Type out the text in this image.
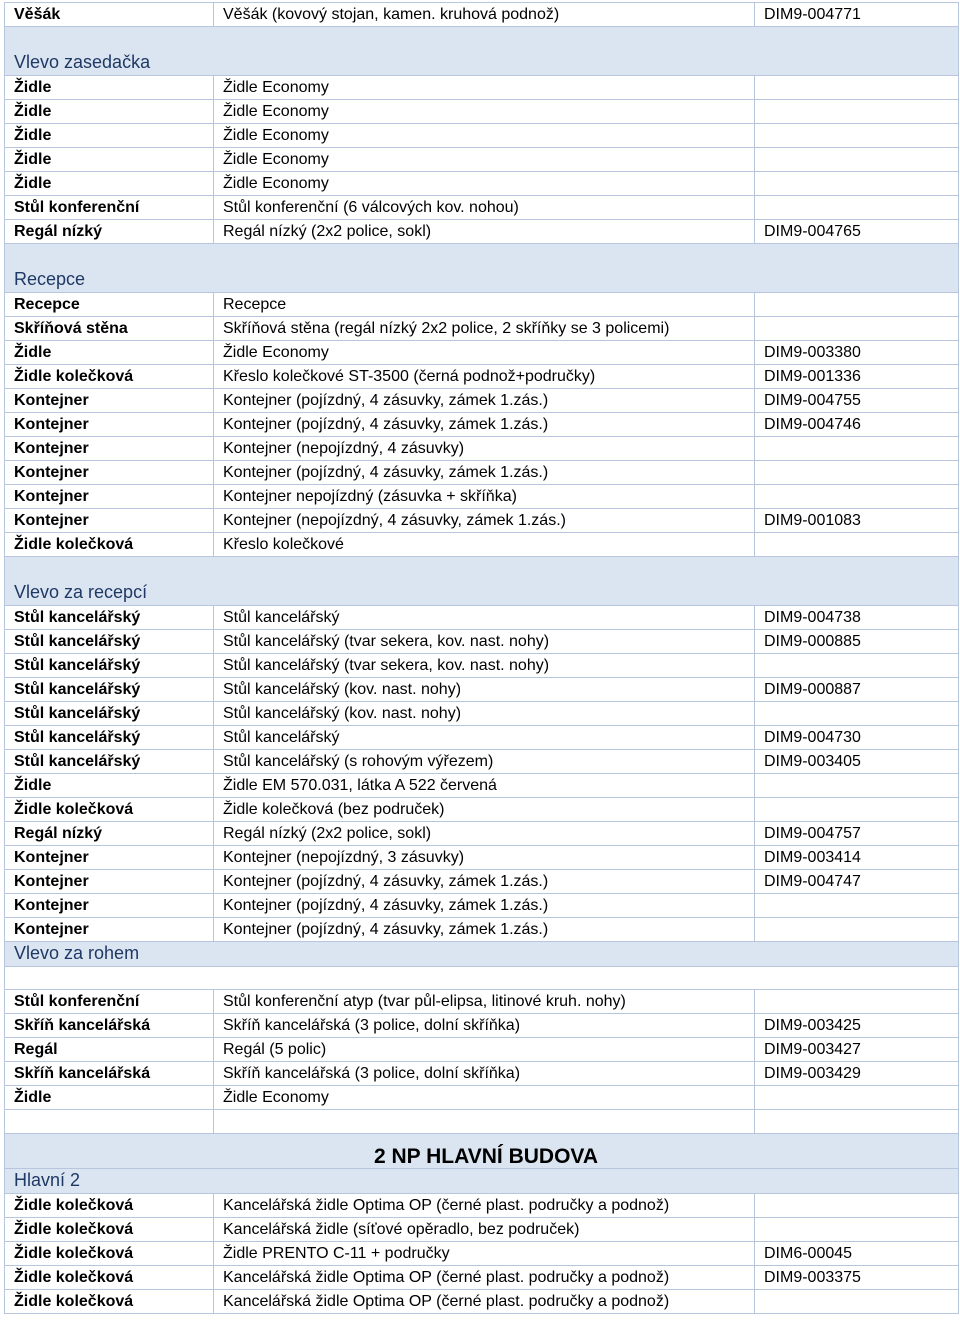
Věšák	Věšák (kovový stojan, kamen. kruhová podnož)	DIM9-004771
Vlevo zasedačka		
Židle	Židle Economy	
Židle	Židle Economy	
Židle	Židle Economy	
Židle	Židle Economy	
Židle	Židle Economy	
Stůl konferenční	Stůl konferenční (6 válcových kov. nohou)	
Regál nízký	Regál nízký (2x2 police, sokl)	DIM9-004765
Recepce		
Recepce	Recepce	
Skříňová stěna	Skříňová stěna (regál nízký 2x2 police, 2 skříňky se 3 policemi)	
Židle	Židle Economy	DIM9-003380
Židle kolečková	Křeslo kolečkové ST-3500 (černá podnož+područky)	DIM9-001336
Kontejner	Kontejner (pojízdný, 4 zásuvky, zámek 1.zás.)	DIM9-004755
Kontejner	Kontejner (pojízdný, 4 zásuvky, zámek 1.zás.)	DIM9-004746
Kontejner	Kontejner (nepojízdný, 4 zásuvky)	
Kontejner	Kontejner (pojízdný, 4 zásuvky, zámek 1.zás.)	
Kontejner	Kontejner nepojízdný (zásuvka + skříňka)	
Kontejner	Kontejner (nepojízdný, 4 zásuvky, zámek 1.zás.)	DIM9-001083
Židle kolečková	Křeslo kolečkové	
Vlevo za recepcí		
Stůl kancelářský	Stůl kancelářský	DIM9-004738
Stůl kancelářský	Stůl kancelářský (tvar sekera, kov. nast. nohy)	DIM9-000885
Stůl kancelářský	Stůl kancelářský (tvar sekera, kov. nast. nohy)	
Stůl kancelářský	Stůl kancelářský (kov. nast. nohy)	DIM9-000887
Stůl kancelářský	Stůl kancelářský (kov. nast. nohy)	
Stůl kancelářský	Stůl kancelářský	DIM9-004730
Stůl kancelářský	Stůl kancelářský (s rohovým výřezem)	DIM9-003405
Židle	Židle EM 570.031, látka A 522 červená	
Židle kolečková	Židle kolečková (bez područek)	
Regál nízký	Regál nízký (2x2 police, sokl)	DIM9-004757
Kontejner	Kontejner (nepojízdný, 3 zásuvky)	DIM9-003414
Kontejner	Kontejner (pojízdný, 4 zásuvky, zámek 1.zás.)	DIM9-004747
Kontejner	Kontejner (pojízdný, 4 zásuvky, zámek 1.zás.)	
Kontejner	Kontejner (pojízdný, 4 zásuvky, zámek 1.zás.)	
Vlevo za rohem		

Stůl konferenční	Stůl konferenční atyp (tvar půl-elipsa, litinové kruh. nohy)	
Skříň kancelářská	Skříň kancelářská (3 police, dolní skříňka)	DIM9-003425
Regál	Regál (5 polic)	DIM9-003427
Skříň kancelářská	Skříň kancelářská (3 police, dolní skříňka)	DIM9-003429
Židle	Židle Economy	

2 NP HLAVNÍ BUDOVA		
Hlavní 2		
Židle kolečková	Kancelářská židle Optima OP (černé plast. područky a podnož)	
Židle kolečková	Kancelářská židle (síťové opěradlo, bez područek)	
Židle kolečková	Židle PRENTO C-11 + područky	DIM6-00045
Židle kolečková	Kancelářská židle Optima OP (černé plast. područky a podnož)	DIM9-003375
Židle kolečková	Kancelářská židle Optima OP (černé plast. područky a podnož)	
